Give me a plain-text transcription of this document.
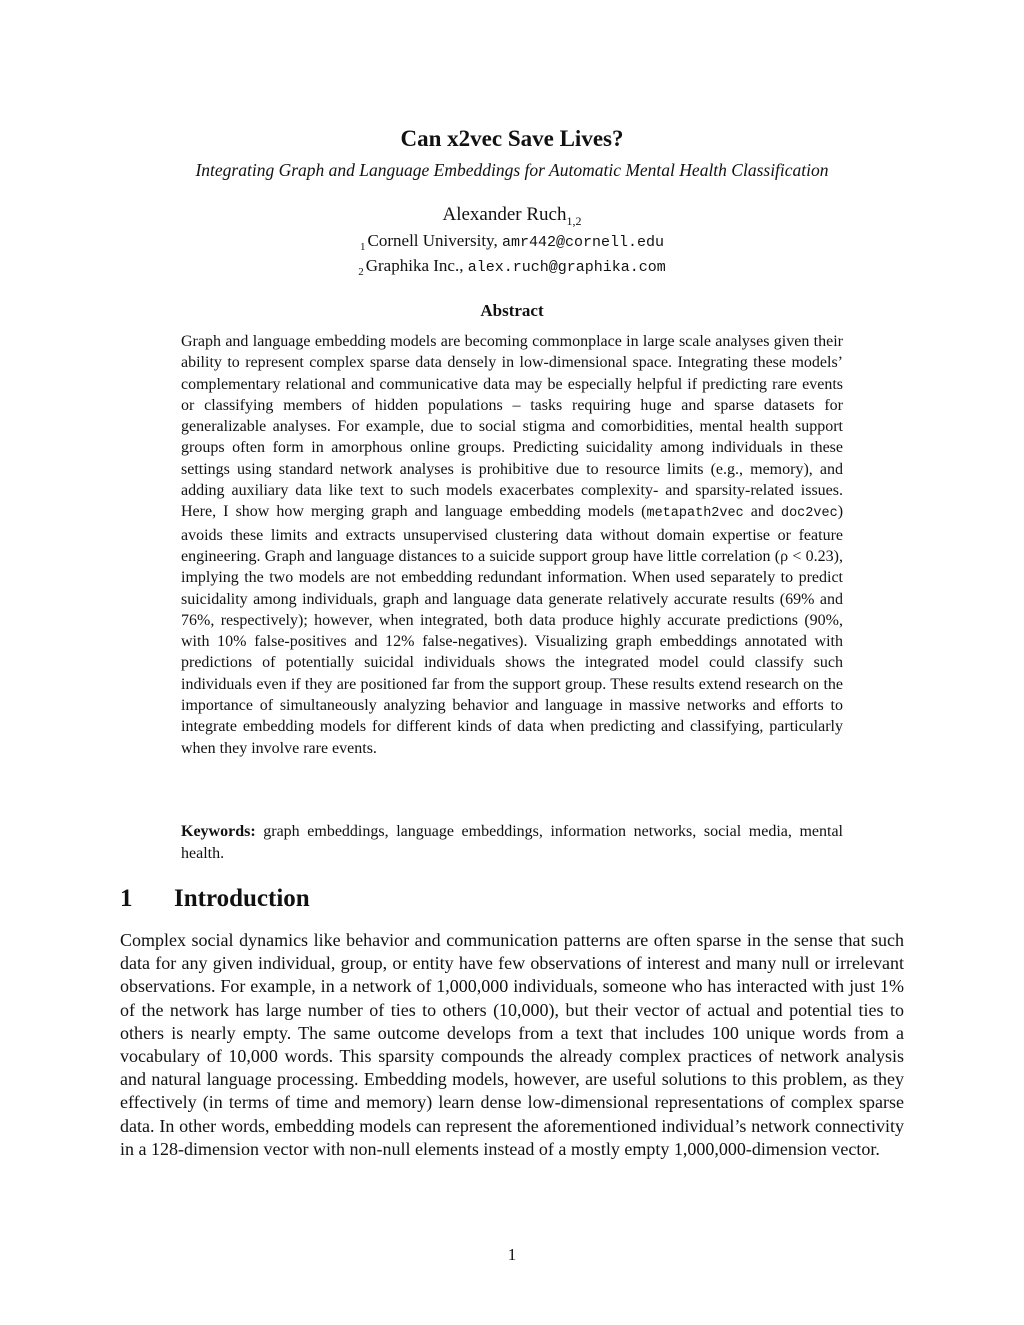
Can x2vec Save Lives?
Integrating Graph and Language Embeddings for Automatic Mental Health Classification
Alexander Ruch$_{1,2}$
$_1$ Cornell University, amr442@cornell.edu
$_2$ Graphika Inc., alex.ruch@graphika.com
Abstract

Graph and language embedding models are becoming commonplace in large scale analyses given their ability to represent complex sparse data densely in low-dimensional space. Integrating these models’ complementary relational and communicative data may be especially helpful if predicting rare events or classifying members of hidden populations – tasks requiring huge and sparse datasets for generalizable analyses. For example, due to social stigma and comorbidities, mental health support groups often form in amorphous online groups. Predicting suicidality among individuals in these settings using standard network analyses is prohibitive due to resource limits (e.g., memory), and adding auxiliary data like text to such models exacerbates complexity- and sparsity-related issues. Here, I show how merging graph and language embedding models (metapath2vec and doc2vec) avoids these limits and extracts unsupervised clustering data without domain expertise or feature engineering. Graph and language distances to a suicide support group have little correlation (ρ < 0.23), implying the two models are not embedding redundant information. When used separately to predict suicidality among individuals, graph and language data generate relatively accurate results (69% and 76%, respectively); however, when integrated, both data produce highly accurate predictions (90%, with 10% false-positives and 12% false-negatives). Visualizing graph embeddings annotated with predictions of potentially suicidal individuals shows the integrated model could classify such individuals even if they are positioned far from the support group. These results extend research on the importance of simultaneously analyzing behavior and language in massive networks and efforts to integrate embedding models for different kinds of data when predicting and classifying, particularly when they involve rare events.

Keywords: graph embeddings, language embeddings, information networks, social media, mental health.

1 Introduction

Complex social dynamics like behavior and communication patterns are often sparse in the sense that such data for any given individual, group, or entity have few observations of interest and many null or irrelevant observations. For example, in a network of 1,000,000 individuals, someone who has interacted with just 1% of the network has large number of ties to others (10,000), but their vector of actual and potential ties to others is nearly empty. The same outcome develops from a text that includes 100 unique words from a vocabulary of 10,000 words. This sparsity compounds the already complex practices of network analysis and natural language processing. Embedding models, however, are useful solutions to this problem, as they effectively (in terms of time and memory) learn dense low-dimensional representations of complex sparse data. In other words, embedding models can represent the aforementioned individual’s network connectivity in a 128-dimension vector with non-null elements instead of a mostly empty 1,000,000-dimension vector.

1
